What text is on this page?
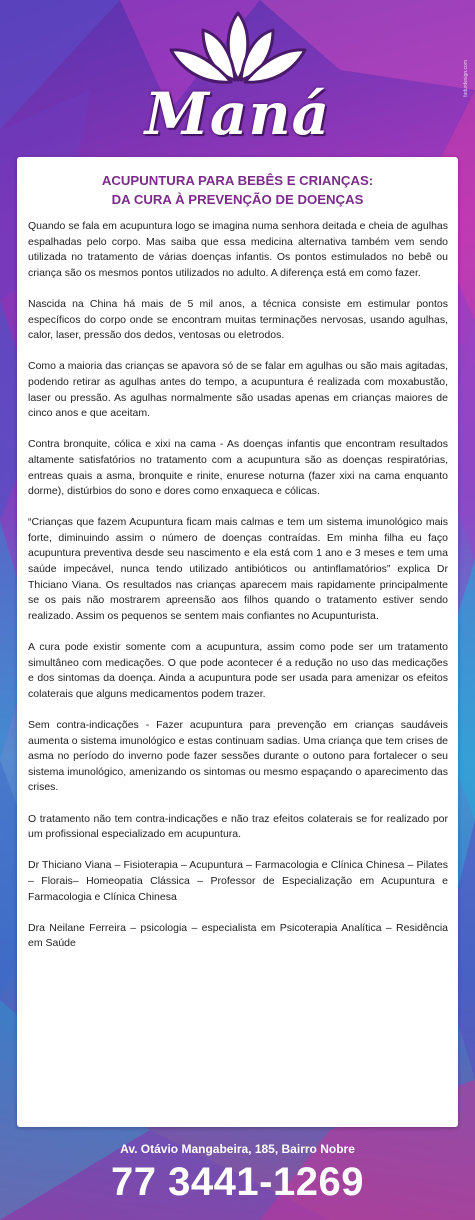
fadurdesign.com
Maná
ACUPUNTURA PARA BEBÊS E CRIANÇAS:
DA CURA À PREVENÇÃO DE DOENÇAS

Quando se fala em acupuntura logo se imagina numa senhora deitada e cheia de agulhas espalhadas pelo corpo. Mas saiba que essa medicina alternativa também vem sendo utilizada no tratamento de várias doenças infantis. Os pontos estimulados no bebê ou criança são os mesmos pontos utilizados no adulto. A diferença está em como fazer.

Nascida na China há mais de 5 mil anos, a técnica consiste em estimular pontos específicos do corpo onde se encontram muitas terminações nervosas, usando agulhas, calor, laser, pressão dos dedos, ventosas ou eletrodos.

Como a maioria das crianças se apavora só de se falar em agulhas ou são mais agitadas, podendo retirar as agulhas antes do tempo, a acupuntura é realizada com moxabustão, laser ou pressão. As agulhas normalmente são usadas apenas em crianças maiores de cinco anos e que aceitam.

Contra bronquite, cólica e xixi na cama - As doenças infantis que encontram resultados altamente satisfatórios no tratamento com a acupuntura são as doenças respiratórias, entreas quais a asma, bronquite e rinite, enurese noturna (fazer xixi na cama enquanto dorme), distúrbios do sono e dores como enxaqueca e cólicas.

“Crianças que fazem Acupuntura ficam mais calmas e tem um sistema imunológico mais forte, diminuindo assim o número de doenças contraídas. Em minha filha eu faço acupuntura preventiva desde seu nascimento e ela está com 1 ano e 3 meses e tem uma saúde impecável, nunca tendo utilizado antibióticos ou antinflamatórios” explica Dr Thiciano Viana. Os resultados nas crianças aparecem mais rapidamente principalmente se os pais não mostrarem apreensão aos filhos quando o tratamento estiver sendo realizado. Assim os pequenos se sentem mais confiantes no Acupunturista.

A cura pode existir somente com a acupuntura, assim como pode ser um tratamento simultâneo com medicações. O que pode acontecer é a redução no uso das medicações e dos sintomas da doença. Ainda a acupuntura pode ser usada para amenizar os efeitos colaterais que alguns medicamentos podem trazer.

Sem contra-indicações - Fazer acupuntura para prevenção em crianças saudáveis aumenta o sistema imunológico e estas continuam sadias. Uma criança que tem crises de asma no período do inverno pode fazer sessões durante o outono para fortalecer o seu sistema imunológico, amenizando os sintomas ou mesmo espaçando o aparecimento das crises.

O tratamento não tem contra-indicações e não traz efeitos colaterais se for realizado por um profissional especializado em acupuntura.

Dr Thiciano Viana – Fisioterapia – Acupuntura – Farmacologia e Clínica Chinesa – Pilates – Florais– Homeopatia Clássica – Professor de Especialização em Acupuntura e Farmacologia e Clínica Chinesa

Dra Neilane Ferreira – psicologia – especialista em Psicoterapia Analítica – Residência em Saúde

Av. Otávio Mangabeira, 185, Bairro Nobre
77 3441-1269
